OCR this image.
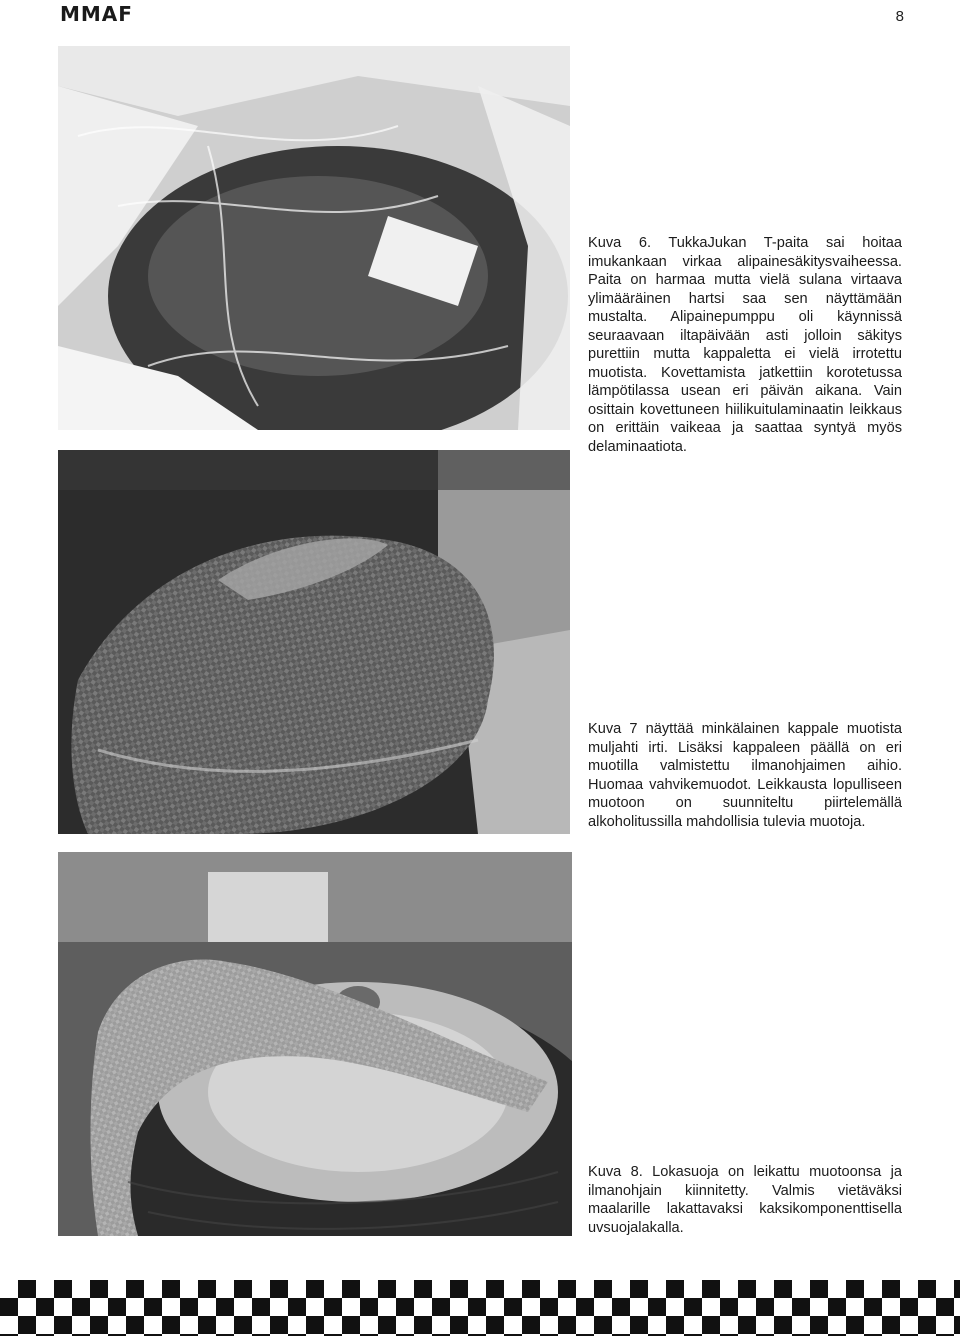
MMAF	8
Kuva 6. TukkaJukan T-paita sai hoitaa imukankaan virkaa alipainesäkitysvaiheessa. Paita on harmaa mutta vielä sulana virtaava ylimääräinen hartsi saa sen näyttämään mustalta. Alipainepumppu oli käynnissä seuraavaan iltapäivään asti jolloin säkitys purettiin mutta kappaletta ei vielä irrotettu muotista. Kovettamista jatkettiin korotetussa lämpötilassa usean eri päivän aikana. Vain osittain kovettuneen hiilikuitulaminaatin leikkaus on erittäin vaikeaa ja saattaa syntyä myös delaminaatiota.
Kuva 7 näyttää minkälainen kappale muotista muljahti irti. Lisäksi kappaleen päällä on eri muotilla valmistettu ilmanohjaimen aihio. Huomaa vahvikemuodot. Leikkausta lopulliseen muotoon on suunniteltu piirtelemällä alkoholitussilla mahdollisia tulevia muotoja.
Kuva 8. Lokasuoja on leikattu muotoonsa ja ilmanohjain kiinnitetty. Valmis vietäväksi maalarille lakattavaksi kaksikomponenttisella uvsuojalakalla.
